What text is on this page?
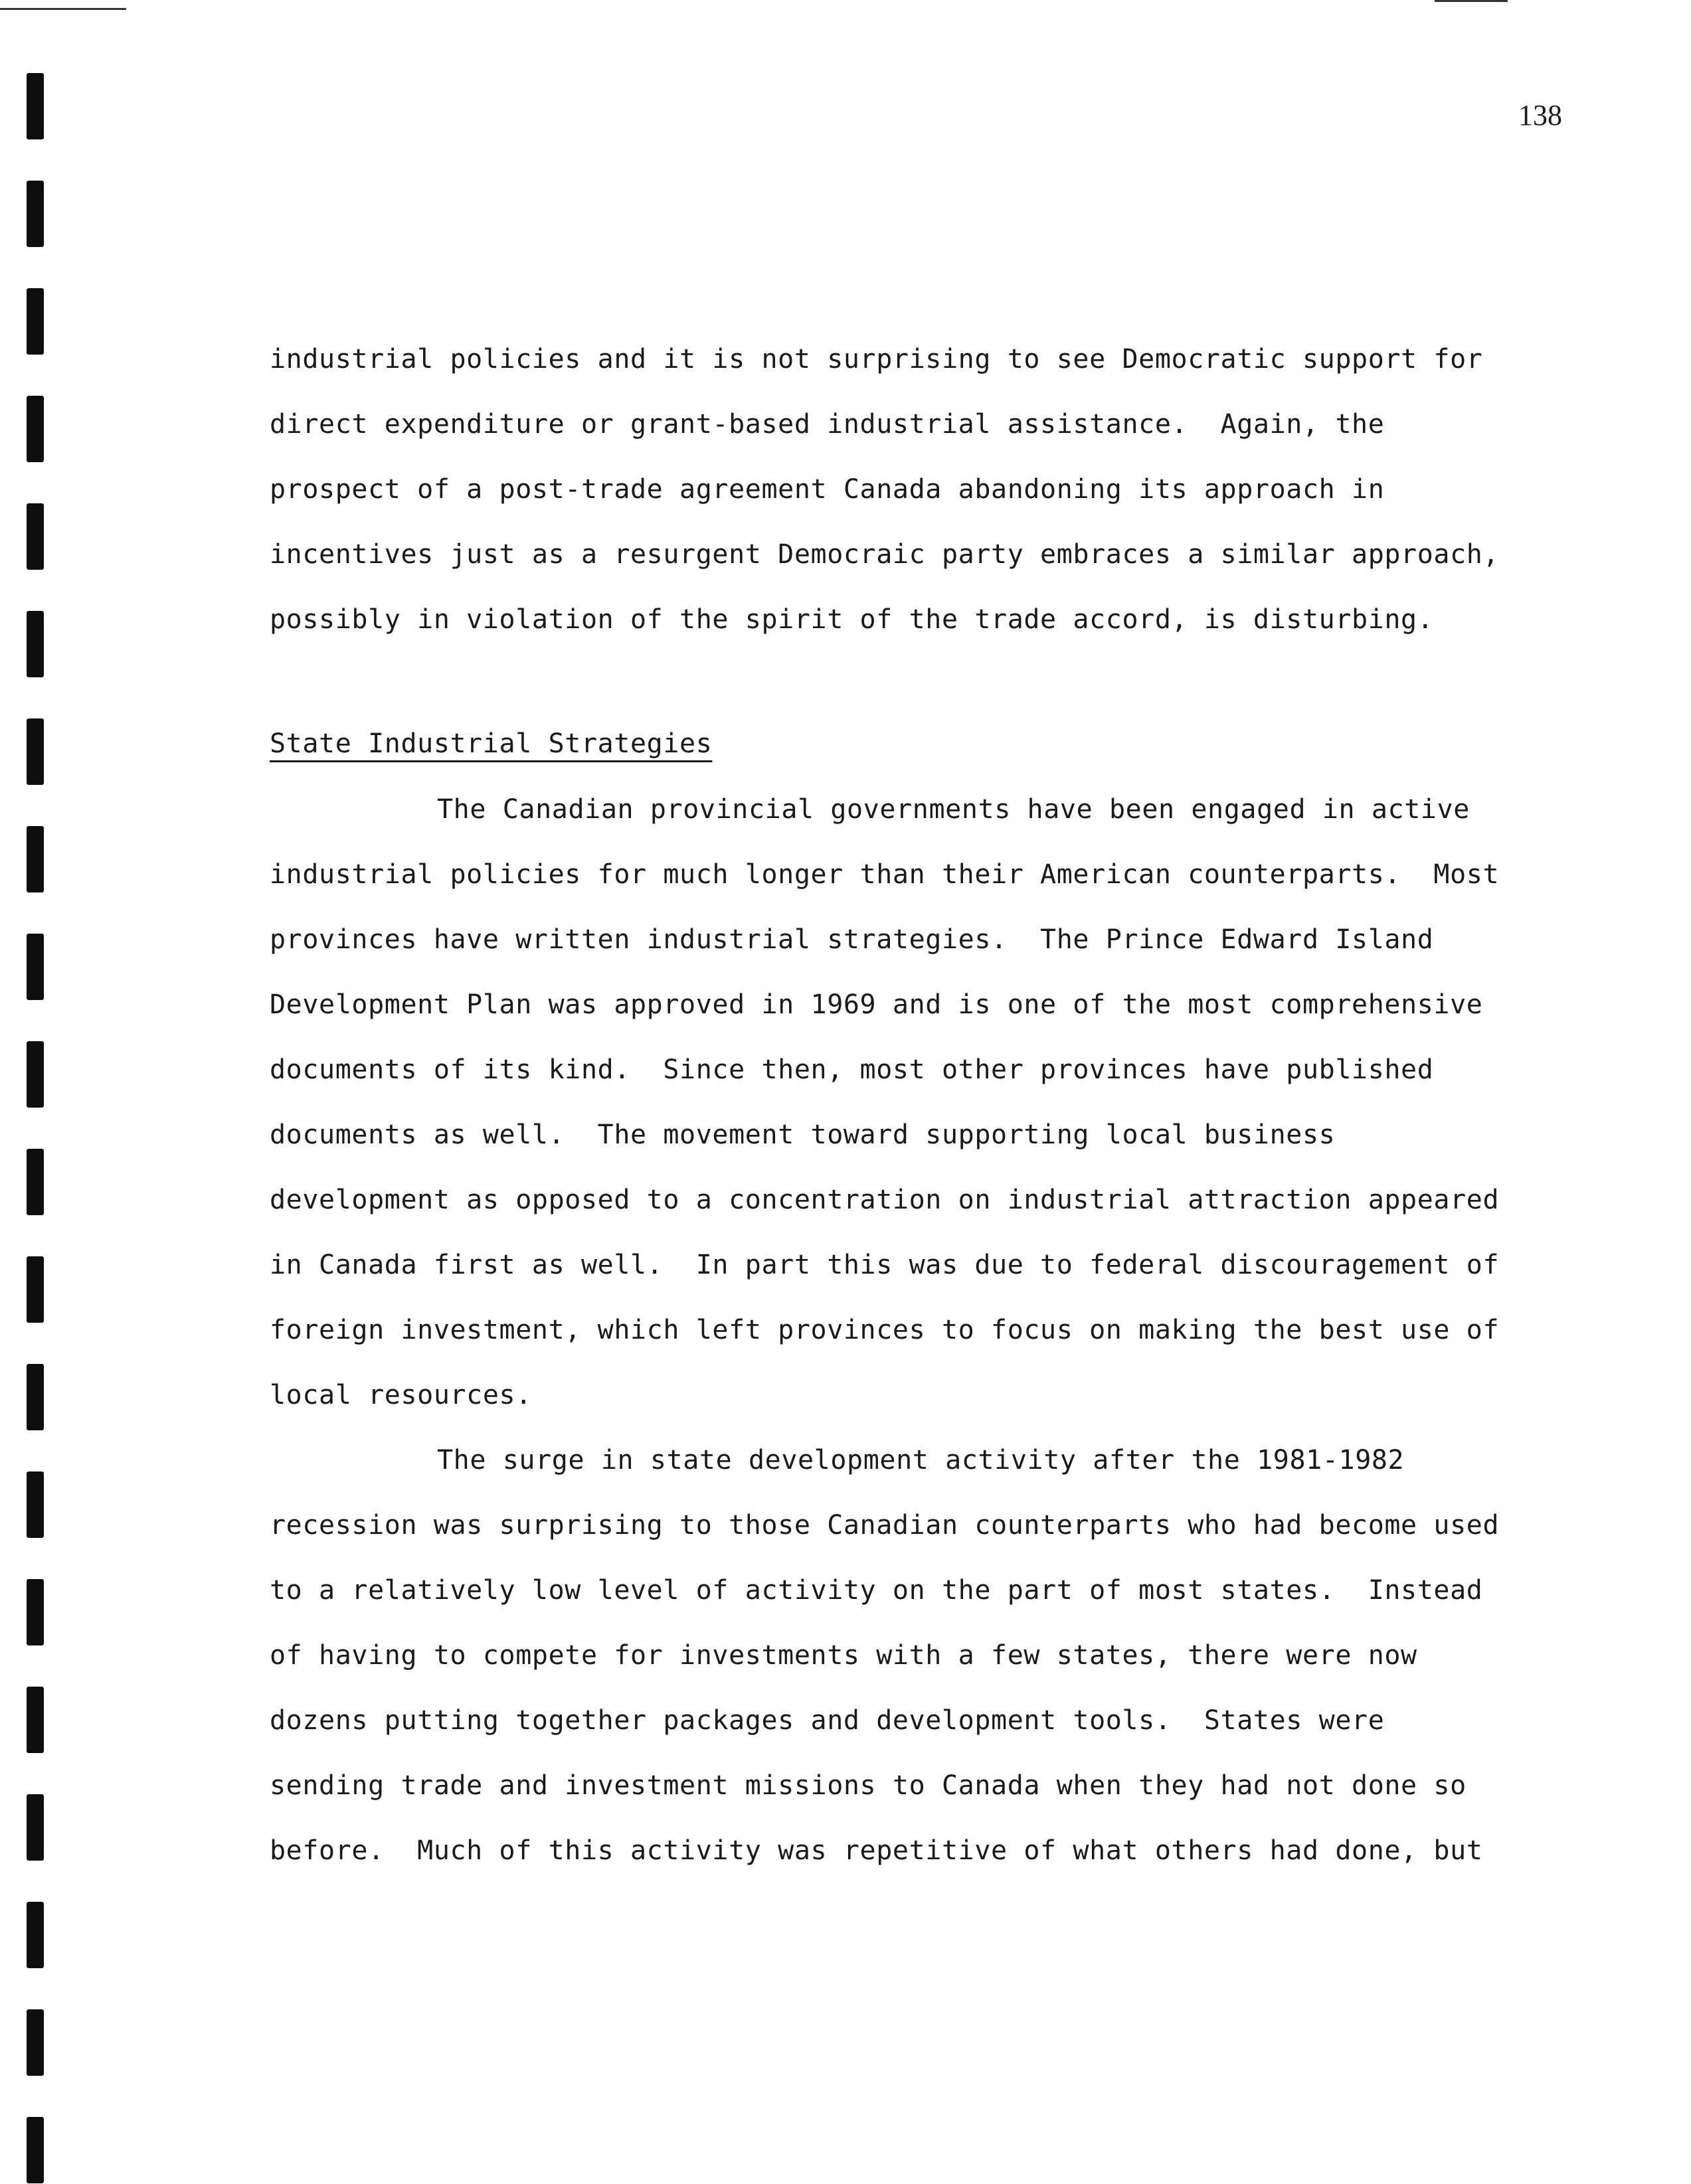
138
industrial policies and it is not surprising to see Democratic support for
direct expenditure or grant-based industrial assistance.  Again, the
prospect of a post-trade agreement Canada abandoning its approach in
incentives just as a resurgent Democraic party embraces a similar approach,
possibly in violation of the spirit of the trade accord, is disturbing.
State Industrial Strategies
The Canadian provincial governments have been engaged in active
industrial policies for much longer than their American counterparts.  Most
provinces have written industrial strategies.  The Prince Edward Island
Development Plan was approved in 1969 and is one of the most comprehensive
documents of its kind.  Since then, most other provinces have published
documents as well.  The movement toward supporting local business
development as opposed to a concentration on industrial attraction appeared
in Canada first as well.  In part this was due to federal discouragement of
foreign investment, which left provinces to focus on making the best use of
local resources.
The surge in state development activity after the 1981-1982
recession was surprising to those Canadian counterparts who had become used
to a relatively low level of activity on the part of most states.  Instead
of having to compete for investments with a few states, there were now
dozens putting together packages and development tools.  States were
sending trade and investment missions to Canada when they had not done so
before.  Much of this activity was repetitive of what others had done, but
